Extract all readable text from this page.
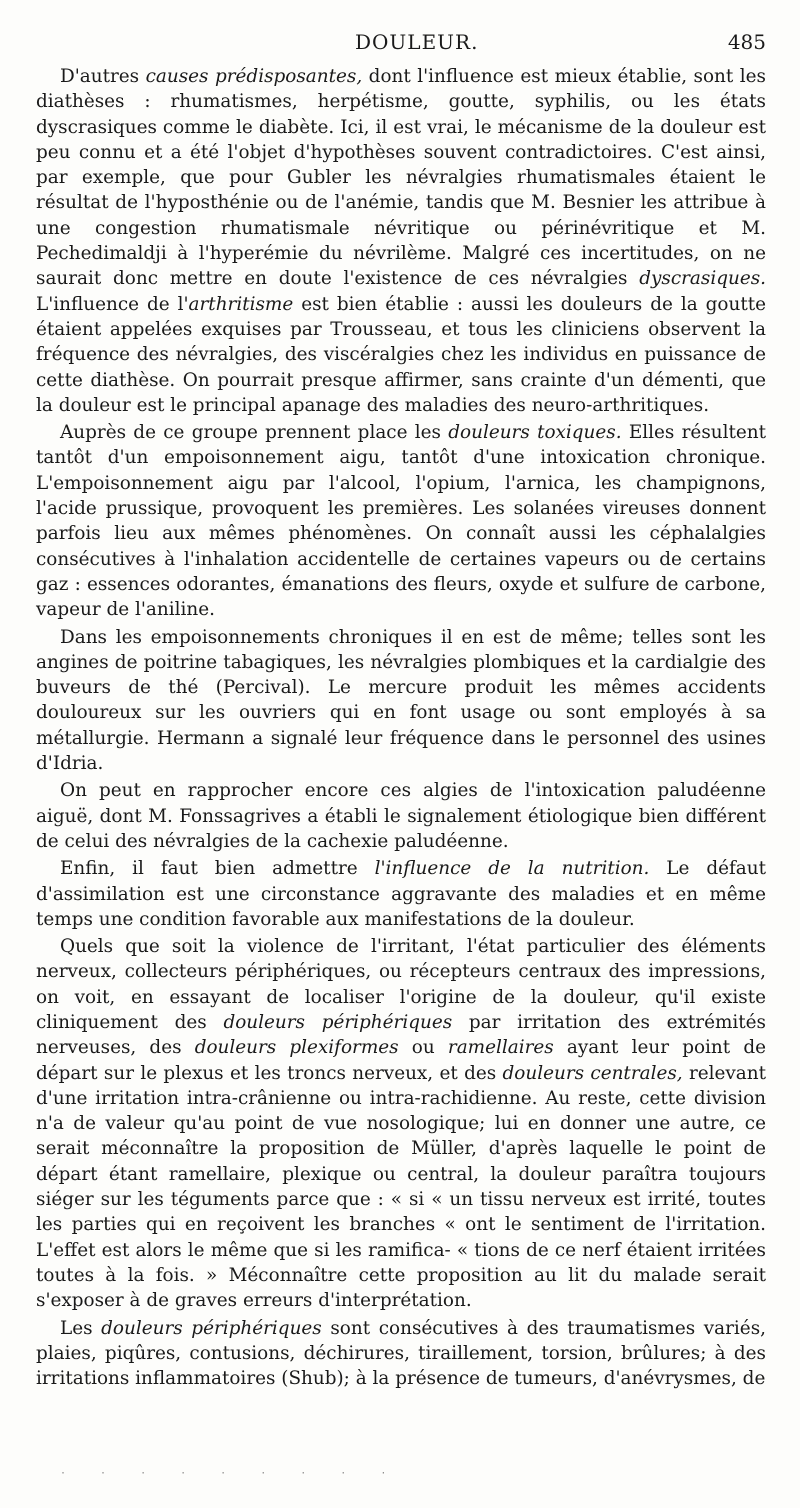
DOULEUR.	485

D'autres causes prédisposantes, dont l'influence est mieux établie, sont les diathèses : rhumatismes, herpétisme, goutte, syphilis, ou les états dyscrasiques comme le diabète. Ici, il est vrai, le mécanisme de la douleur est peu connu et a été l'objet d'hypothèses souvent contradictoires. C'est ainsi, par exemple, que pour Gubler les névralgies rhumatismales étaient le résultat de l'hyposthénie ou de l'anémie, tandis que M. Besnier les attribue à une congestion rhumatismale névritique ou périnévritique et M. Pechedimaldji à l'hyperémie du névrilème. Malgré ces incertitudes, on ne saurait donc mettre en doute l'existence de ces névralgies dyscrasiques. L'influence de l'arthritisme est bien établie : aussi les douleurs de la goutte étaient appelées exquises par Trousseau, et tous les cliniciens observent la fréquence des névralgies, des viscéralgies chez les individus en puissance de cette diathèse. On pourrait presque affirmer, sans crainte d'un démenti, que la douleur est le principal apanage des maladies des neuro-arthritiques.

Auprès de ce groupe prennent place les douleurs toxiques. Elles résultent tantôt d'un empoisonnement aigu, tantôt d'une intoxication chronique. L'empoisonnement aigu par l'alcool, l'opium, l'arnica, les champignons, l'acide prussique, provoquent les premières. Les solanées vireuses donnent parfois lieu aux mêmes phénomènes. On connaît aussi les céphalalgies consécutives à l'inhalation accidentelle de certaines vapeurs ou de certains gaz : essences odorantes, émanations des fleurs, oxyde et sulfure de carbone, vapeur de l'aniline.

Dans les empoisonnements chroniques il en est de même; telles sont les angines de poitrine tabagiques, les névralgies plombiques et la cardialgie des buveurs de thé (Percival). Le mercure produit les mêmes accidents douloureux sur les ouvriers qui en font usage ou sont employés à sa métallurgie. Hermann a signalé leur fréquence dans le personnel des usines d'Idria.

On peut en rapprocher encore ces algies de l'intoxication paludéenne aiguë, dont M. Fonssagrives a établi le signalement étiologique bien différent de celui des névralgies de la cachexie paludéenne.

Enfin, il faut bien admettre l'influence de la nutrition. Le défaut d'assimilation est une circonstance aggravante des maladies et en même temps une condition favorable aux manifestations de la douleur.

Quels que soit la violence de l'irritant, l'état particulier des éléments nerveux, collecteurs périphériques, ou récepteurs centraux des impressions, on voit, en essayant de localiser l'origine de la douleur, qu'il existe cliniquement des douleurs périphériques par irritation des extrémités nerveuses, des douleurs plexiformes ou ramellaires ayant leur point de départ sur le plexus et les troncs nerveux, et des douleurs centrales, relevant d'une irritation intra-crânienne ou intra-rachidienne. Au reste, cette division n'a de valeur qu'au point de vue nosologique; lui en donner une autre, ce serait méconnaître la proposition de Müller, d'après laquelle le point de départ étant ramellaire, plexique ou central, la douleur paraîtra toujours siéger sur les téguments parce que : « si « un tissu nerveux est irrité, toutes les parties qui en reçoivent les branches « ont le sentiment de l'irritation. L'effet est alors le même que si les ramifica- « tions de ce nerf étaient irritées toutes à la fois. » Méconnaître cette proposition au lit du malade serait s'exposer à de graves erreurs d'interprétation.

Les douleurs périphériques sont consécutives à des traumatismes variés, plaies, piqûres, contusions, déchirures, tiraillement, torsion, brûlures; à des irritations inflammatoires (Shub); à la présence de tumeurs, d'anévrysmes, de

· · · · · · · · ·
